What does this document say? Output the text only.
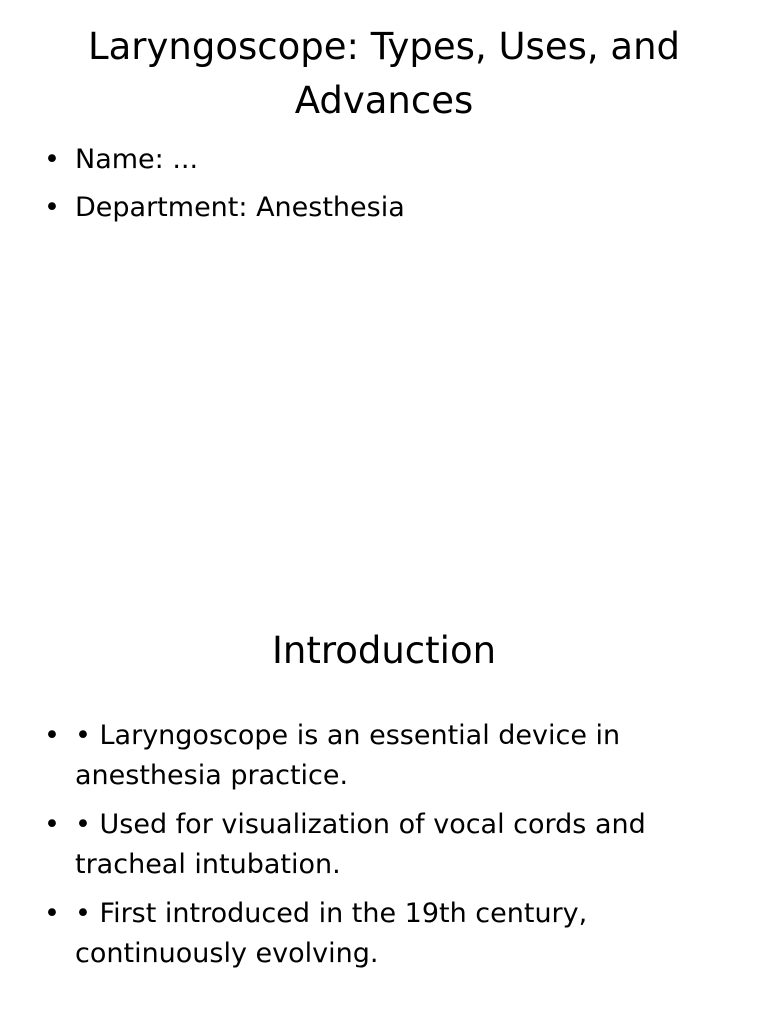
Laryngoscope: Types, Uses, and Advances
• Name: ...
• Department: Anesthesia
Introduction
• • Laryngoscope is an essential device in anesthesia practice.
• • Used for visualization of vocal cords and tracheal intubation.
• • First introduced in the 19th century, continuously evolving.
